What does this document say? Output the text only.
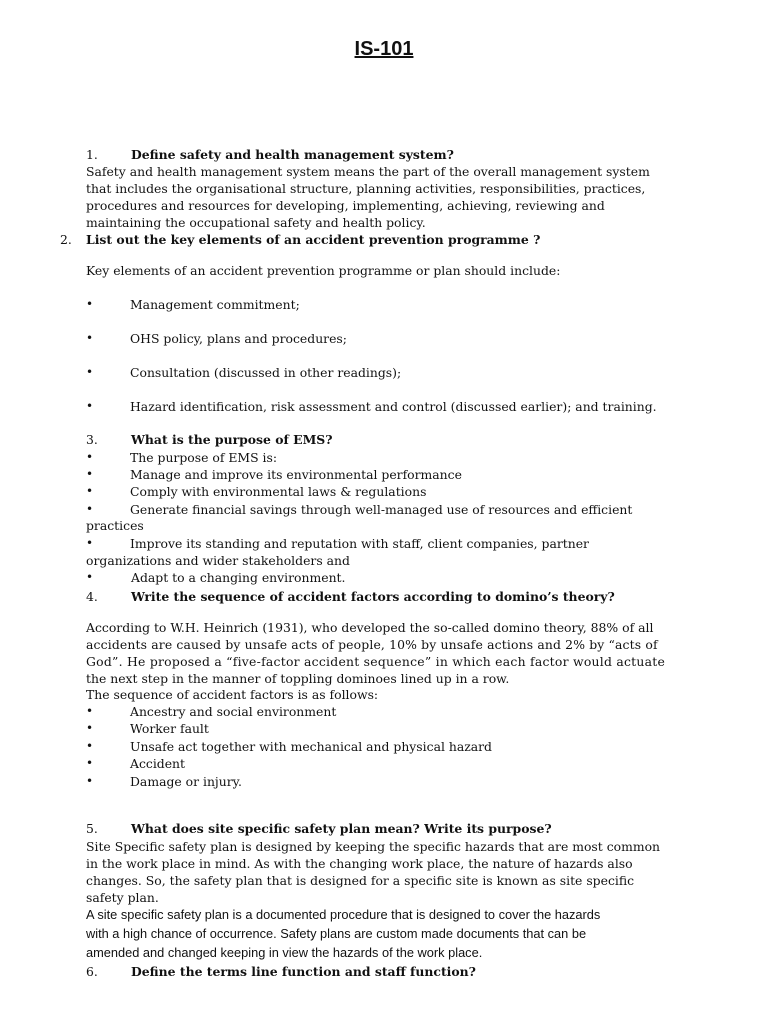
IS-101
1.	Define safety and health management system?
Safety and health management system means the part of the overall management system
that includes the organisational structure, planning activities, responsibilities, practices,
procedures and resources for developing, implementing, achieving, reviewing and
maintaining the occupational safety and health policy.
2. List out the key elements of an accident prevention programme ?
Key elements of an accident prevention programme or plan should include:
•	Management commitment;
•	OHS policy, plans and procedures;
•	Consultation (discussed in other readings);
•	Hazard identification, risk assessment and control (discussed earlier); and training.
3.	What is the purpose of EMS?
•	The purpose of EMS is:
•	Manage and improve its environmental performance
•	Comply with environmental laws & regulations
•	Generate financial savings through well-managed use of resources and efficient
practices
•	Improve its standing and reputation with staff, client companies, partner
organizations and wider stakeholders and
•	Adapt to a changing environment.
4.	Write the sequence of accident factors according to domino’s theory?
According to W.H. Heinrich (1931), who developed the so-called domino theory, 88% of all
accidents are caused by unsafe acts of people, 10% by unsafe actions and 2% by “acts of
God”. He proposed a “five-factor accident sequence” in which each factor would actuate
the next step in the manner of toppling dominoes lined up in a row.
The sequence of accident factors is as follows:
•	Ancestry and social environment
•	Worker fault
•	Unsafe act together with mechanical and physical hazard
•	Accident
•	Damage or injury.
5.	What does site specific safety plan mean? Write its purpose?
Site Specific safety plan is designed by keeping the specific hazards that are most common
in the work place in mind. As with the changing work place, the nature of hazards also
changes. So, the safety plan that is designed for a specific site is known as site specific
safety plan.
A site specific safety plan is a documented procedure that is designed to cover the hazards
with a high chance of occurrence. Safety plans are custom made documents that can be
amended and changed keeping in view the hazards of the work place.
6.	Define the terms line function and staff function?
